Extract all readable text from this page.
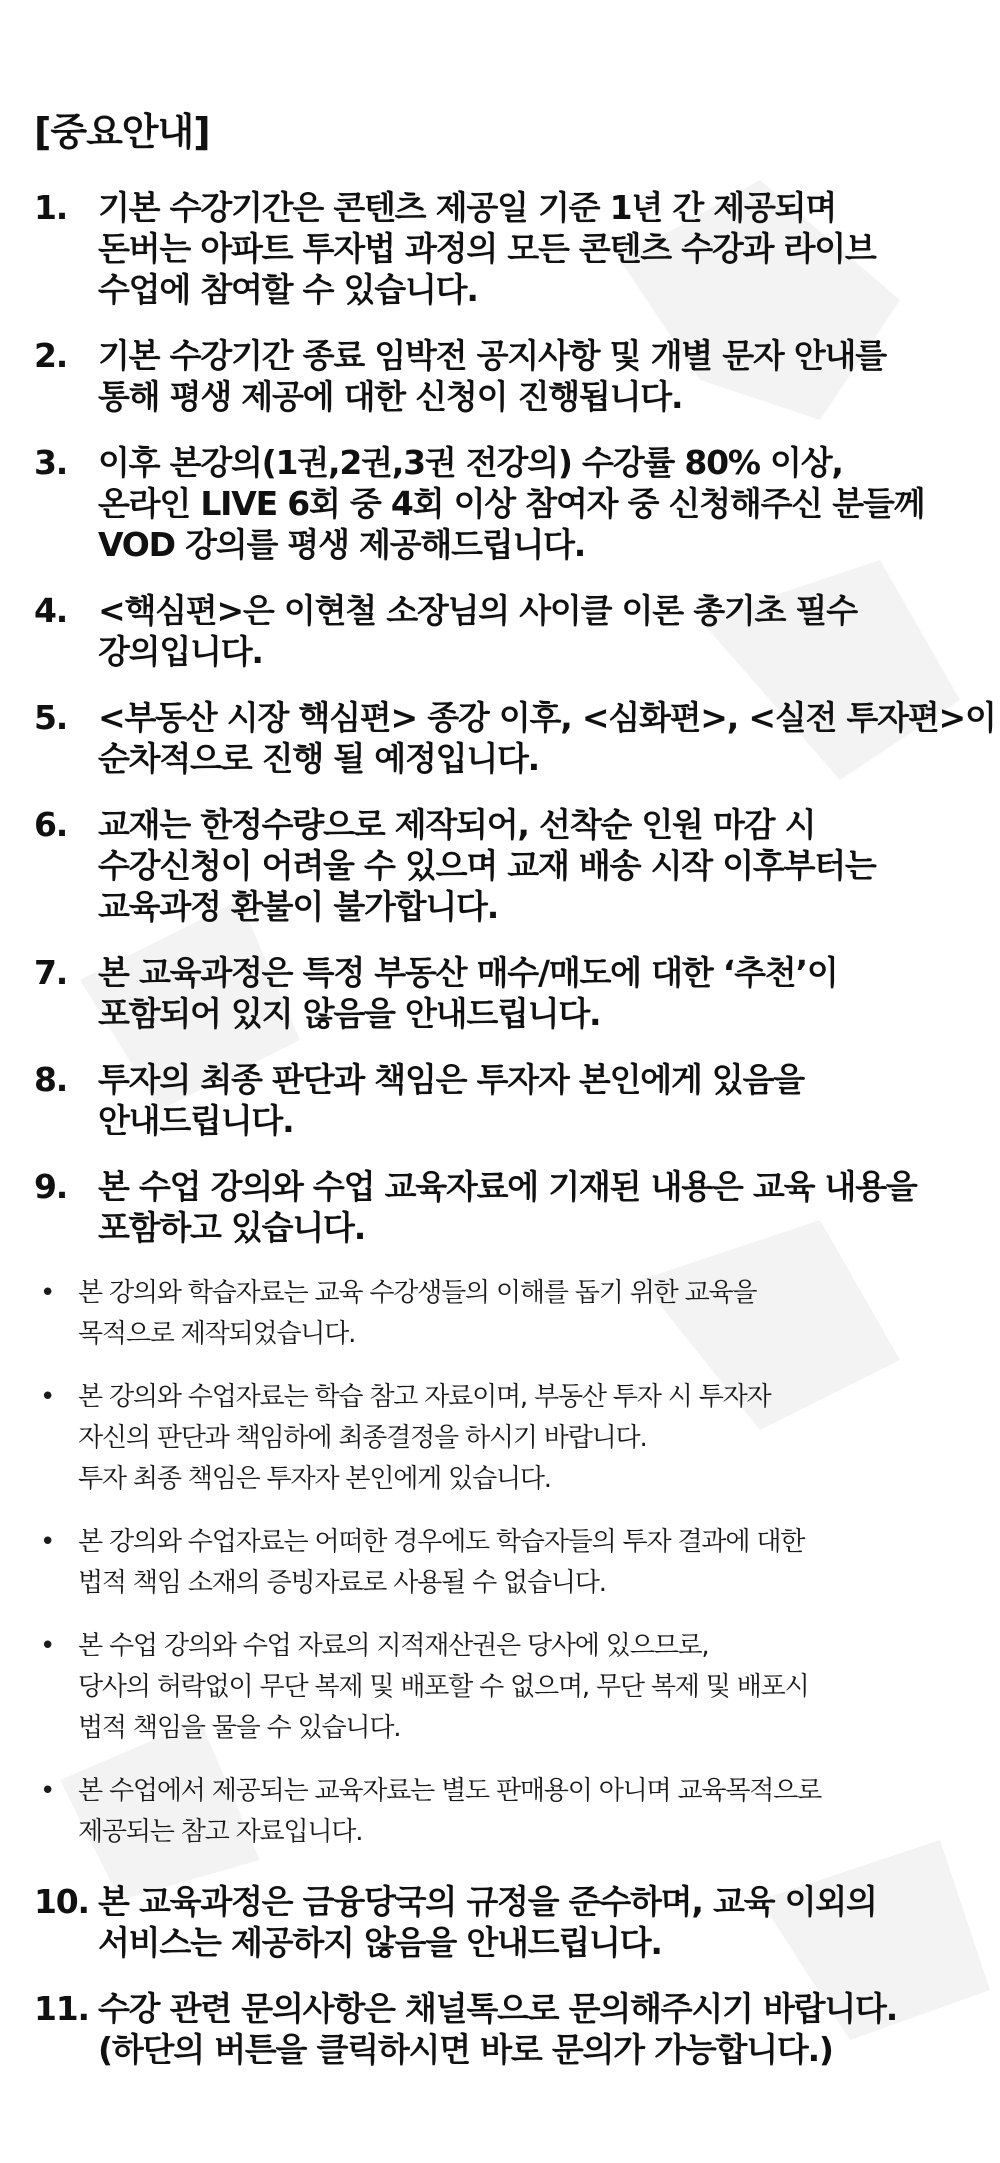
[중요안내]
1. 기본 수강기간은 콘텐츠 제공일 기준 1년 간 제공되며
돈버는 아파트 투자법 과정의 모든 콘텐츠 수강과 라이브
수업에 참여할 수 있습니다.
2. 기본 수강기간 종료 임박전 공지사항 및 개별 문자 안내를
통해 평생 제공에 대한 신청이 진행됩니다.
3. 이후 본강의(1권,2권,3권 전강의) 수강률 80% 이상,
온라인 LIVE 6회 중 4회 이상 참여자 중 신청해주신 분들께
VOD 강의를 평생 제공해드립니다.
4. <핵심편>은 이현철 소장님의 사이클 이론 총기초 필수
강의입니다.
5. <부동산 시장 핵심편> 종강 이후, <심화편>, <실전 투자편>이
순차적으로 진행 될 예정입니다.
6. 교재는 한정수량으로 제작되어, 선착순 인원 마감 시
수강신청이 어려울 수 있으며 교재 배송 시작 이후부터는
교육과정 환불이 불가합니다.
7. 본 교육과정은 특정 부동산 매수/매도에 대한 ‘추천’이
포함되어 있지 않음을 안내드립니다.
8. 투자의 최종 판단과 책임은 투자자 본인에게 있음을
안내드립니다.
9. 본 수업 강의와 수업 교육자료에 기재된 내용은 교육 내용을
포함하고 있습니다.
• 본 강의와 학습자료는 교육 수강생들의 이해를 돕기 위한 교육을
목적으로 제작되었습니다.
• 본 강의와 수업자료는 학습 참고 자료이며, 부동산 투자 시 투자자
자신의 판단과 책임하에 최종결정을 하시기 바랍니다.
투자 최종 책임은 투자자 본인에게 있습니다.
• 본 강의와 수업자료는 어떠한 경우에도 학습자들의 투자 결과에 대한
법적 책임 소재의 증빙자료로 사용될 수 없습니다.
• 본 수업 강의와 수업 자료의 지적재산권은 당사에 있으므로,
당사의 허락없이 무단 복제 및 배포할 수 없으며, 무단 복제 및 배포시
법적 책임을 물을 수 있습니다.
• 본 수업에서 제공되는 교육자료는 별도 판매용이 아니며 교육목적으로
제공되는 참고 자료입니다.
10. 본 교육과정은 금융당국의 규정을 준수하며, 교육 이외의
서비스는 제공하지 않음을 안내드립니다.
11. 수강 관련 문의사항은 채널톡으로 문의해주시기 바랍니다.
(하단의 버튼을 클릭하시면 바로 문의가 가능합니다.)
